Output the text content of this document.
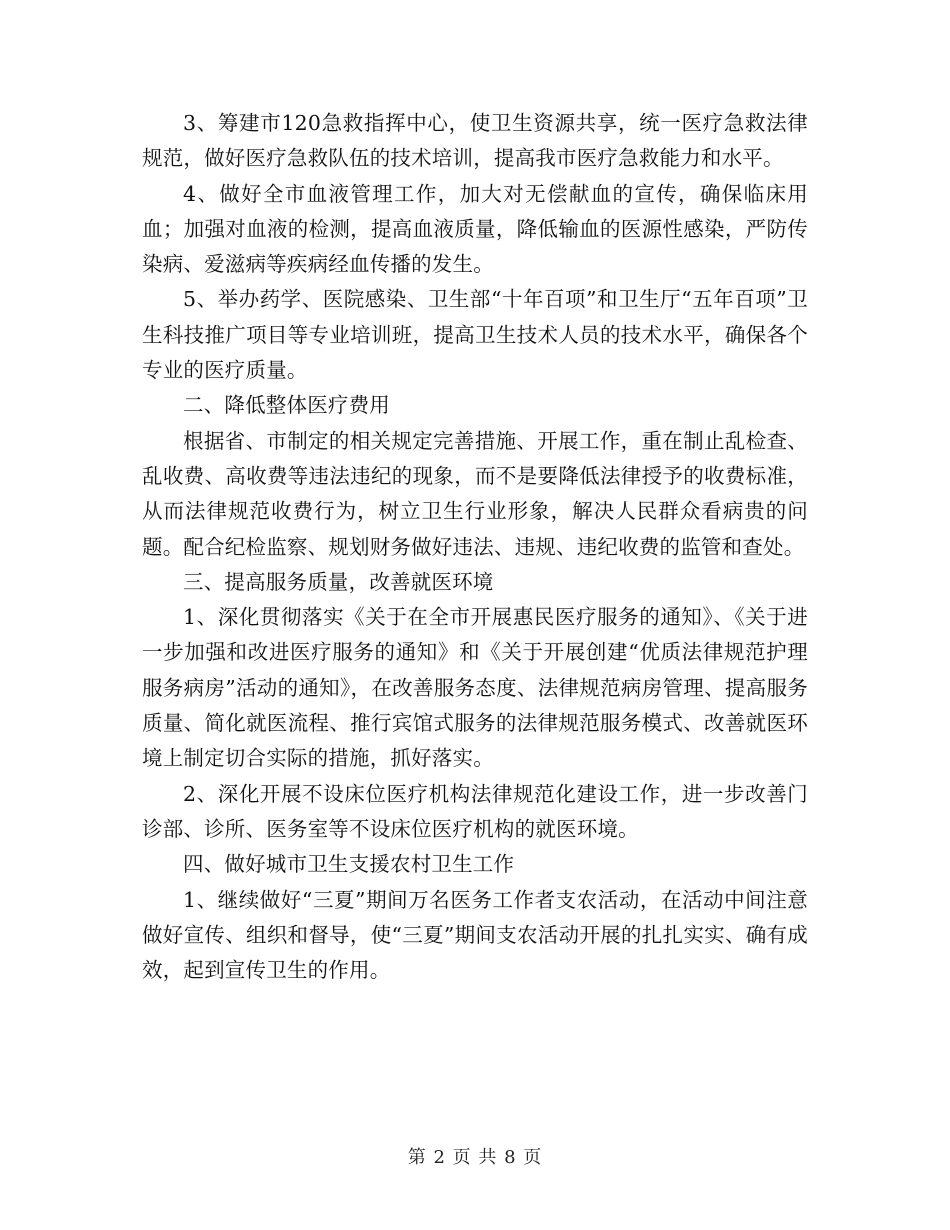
3、筹建市120急救指挥中心，使卫生资源共享，统一医疗急救法律规范，做好医疗急救队伍的技术培训，提高我市医疗急救能力和水平。

4、做好全市血液管理工作，加大对无偿献血的宣传，确保临床用血；加强对血液的检测，提高血液质量，降低输血的医源性感染，严防传染病、爱滋病等疾病经血传播的发生。

5、举办药学、医院感染、卫生部“十年百项”和卫生厅“五年百项”卫生科技推广项目等专业培训班，提高卫生技术人员的技术水平，确保各个专业的医疗质量。

二、降低整体医疗费用

根据省、市制定的相关规定完善措施、开展工作，重在制止乱检查、乱收费、高收费等违法违纪的现象，而不是要降低法律授予的收费标准，从而法律规范收费行为，树立卫生行业形象，解决人民群众看病贵的问题。配合纪检监察、规划财务做好违法、违规、违纪收费的监管和查处。

三、提高服务质量，改善就医环境

1、深化贯彻落实《关于在全市开展惠民医疗服务的通知》、《关于进一步加强和改进医疗服务的通知》和《关于开展创建“优质法律规范护理服务病房”活动的通知》，在改善服务态度、法律规范病房管理、提高服务质量、简化就医流程、推行宾馆式服务的法律规范服务模式、改善就医环境上制定切合实际的措施，抓好落实。

2、深化开展不设床位医疗机构法律规范化建设工作，进一步改善门诊部、诊所、医务室等不设床位医疗机构的就医环境。

四、做好城市卫生支援农村卫生工作

1、继续做好“三夏”期间万名医务工作者支农活动，在活动中间注意做好宣传、组织和督导，使“三夏”期间支农活动开展的扎扎实实、确有成效，起到宣传卫生的作用。

第 2 页 共 8 页
